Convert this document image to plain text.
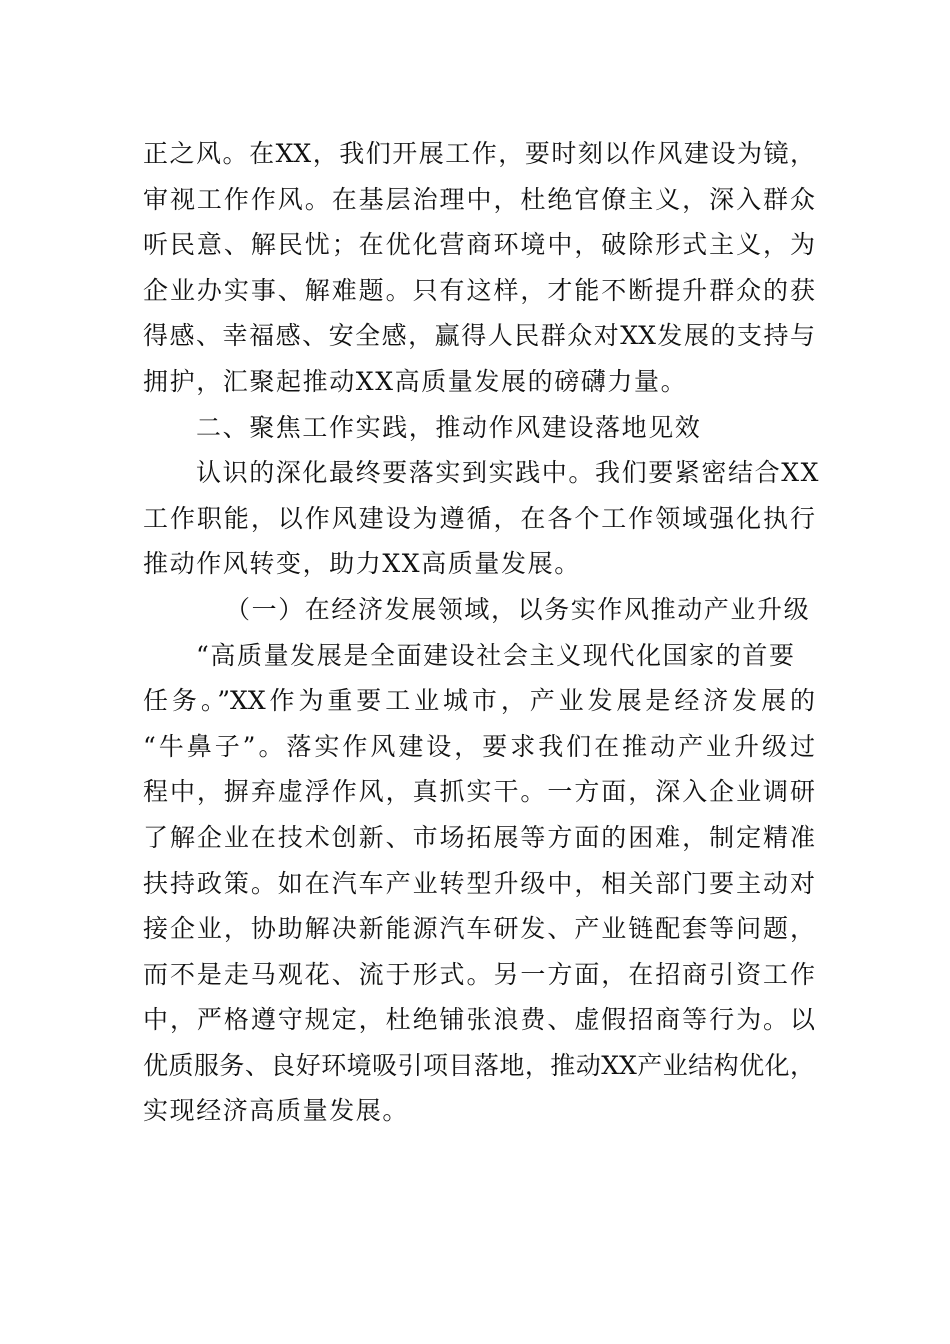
正之风。在XX，我们开展工作，要时刻以作风建设为镜，
审视工作作风。在基层治理中，杜绝官僚主义，深入群众
听民意、解民忧；在优化营商环境中，破除形式主义，为
企业办实事、解难题。只有这样，才能不断提升群众的获
得感、幸福感、安全感，赢得人民群众对XX发展的支持与
拥护，汇聚起推动XX高质量发展的磅礴力量。
二、聚焦工作实践，推动作风建设落地见效
认识的深化最终要落实到实践中。我们要紧密结合XX
工作职能，以作风建设为遵循，在各个工作领域强化执行
推动作风转变，助力XX高质量发展。
（一）在经济发展领域，以务实作风推动产业升级
“高质量发展是全面建设社会主义现代化国家的首要
任务。”XX作为重要工业城市，产业发展是经济发展的
“牛鼻子”。落实作风建设，要求我们在推动产业升级过
程中，摒弃虚浮作风，真抓实干。一方面，深入企业调研
了解企业在技术创新、市场拓展等方面的困难，制定精准
扶持政策。如在汽车产业转型升级中，相关部门要主动对
接企业，协助解决新能源汽车研发、产业链配套等问题，
而不是走马观花、流于形式。另一方面，在招商引资工作
中，严格遵守规定，杜绝铺张浪费、虚假招商等行为。以
优质服务、良好环境吸引项目落地，推动XX产业结构优化，
实现经济高质量发展。
